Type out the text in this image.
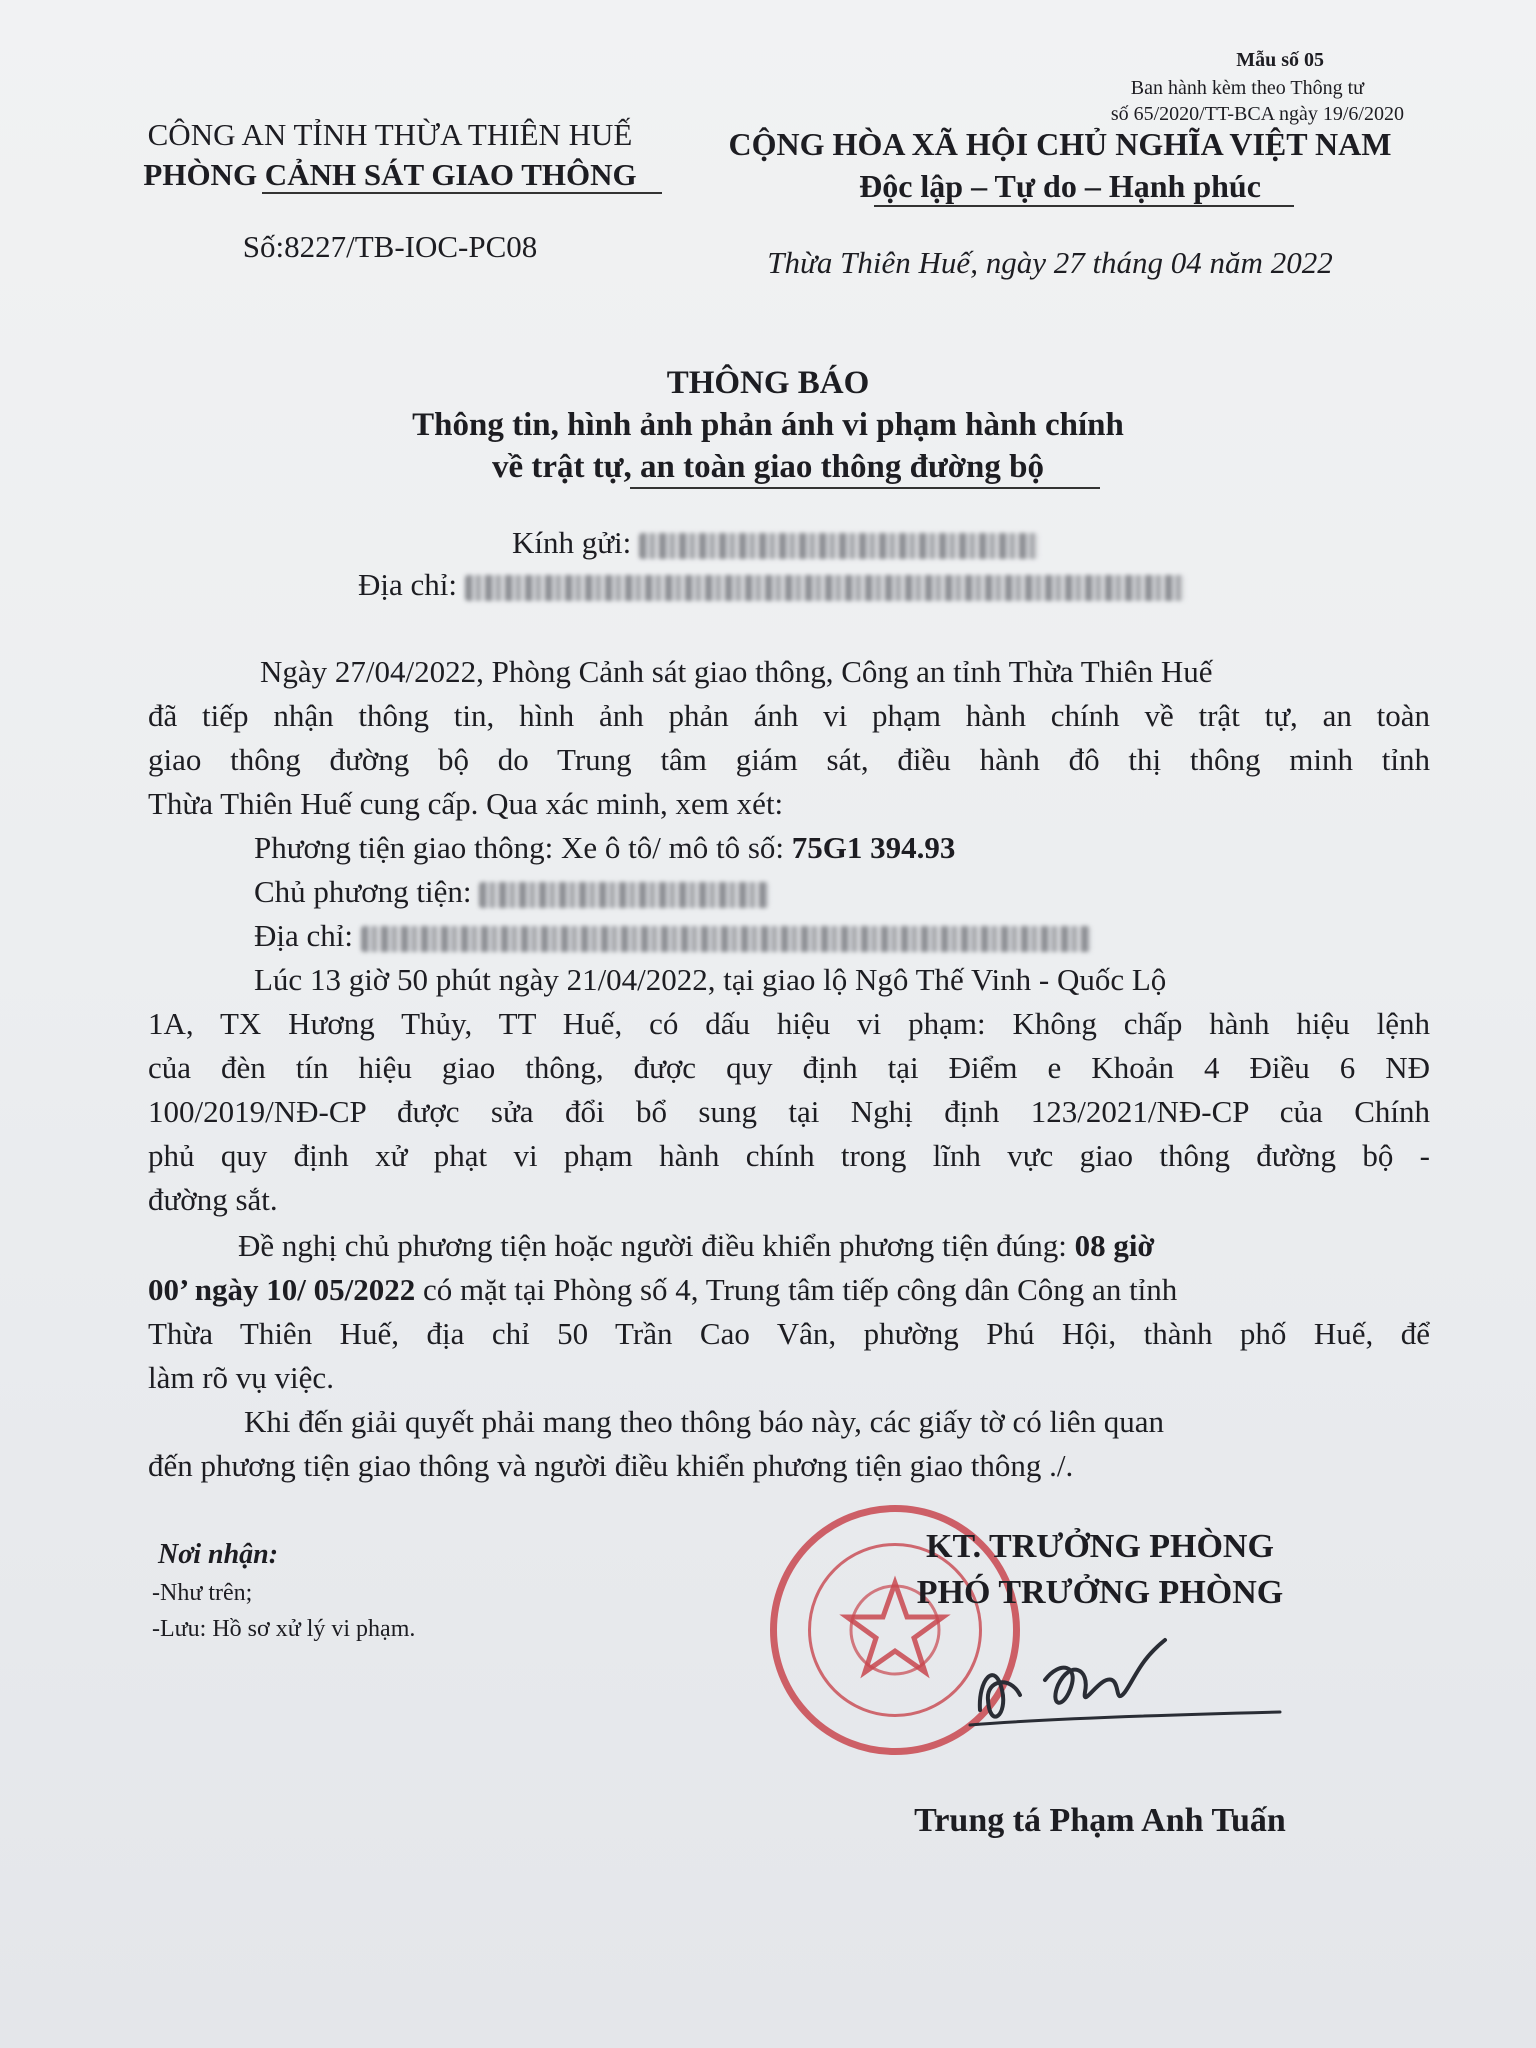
Mẫu số 05
Ban hành kèm theo Thông tư
số 65/2020/TT-BCA ngày 19/6/2020
CÔNG AN TỈNH THỪA THIÊN HUẾ
PHÒNG CẢNH SÁT GIAO THÔNG
Số:8227/TB-IOC-PC08
CỘNG HÒA XÃ HỘI CHỦ NGHĨA VIỆT NAM
Độc lập – Tự do – Hạnh phúc
Thừa Thiên Huế, ngày 27 tháng 04 năm 2022
THÔNG BÁO
Thông tin, hình ảnh phản ánh vi phạm hành chính
về trật tự, an toàn giao thông đường bộ
Kính gửi:
Địa chỉ:
Ngày 27/04/2022, Phòng Cảnh sát giao thông, Công an tỉnh Thừa Thiên Huế
đã tiếp nhận thông tin, hình ảnh phản ánh vi phạm hành chính về trật tự, an toàn
giao thông đường bộ do Trung tâm giám sát, điều hành đô thị thông minh tỉnh
Thừa Thiên Huế cung cấp. Qua xác minh, xem xét:
Phương tiện giao thông: Xe ô tô/ mô tô số: 75G1 394.93
Chủ phương tiện:
Địa chỉ:
Lúc 13 giờ 50 phút ngày 21/04/2022, tại giao lộ Ngô Thế Vinh - Quốc Lộ
1A, TX Hương Thủy, TT Huế, có dấu hiệu vi phạm: Không chấp hành hiệu lệnh
của đèn tín hiệu giao thông, được quy định tại Điểm e Khoản 4 Điều 6 NĐ
100/2019/NĐ-CP được sửa đổi bổ sung tại Nghị định 123/2021/NĐ-CP của Chính
phủ quy định xử phạt vi phạm hành chính trong lĩnh vực giao thông đường bộ -
đường sắt.
Đề nghị chủ phương tiện hoặc người điều khiển phương tiện đúng: 08 giờ
00’ ngày 10/ 05/2022 có mặt tại Phòng số 4, Trung tâm tiếp công dân Công an tỉnh
Thừa Thiên Huế, địa chỉ 50 Trần Cao Vân, phường Phú Hội, thành phố Huế, để
làm rõ vụ việc.
Khi đến giải quyết phải mang theo thông báo này, các giấy tờ có liên quan
đến phương tiện giao thông và người điều khiển phương tiện giao thông ./.
Nơi nhận:
-Như trên;
-Lưu: Hồ sơ xử lý vi phạm.
KT. TRƯỞNG PHÒNG
PHÓ TRƯỞNG PHÒNG
Trung tá Phạm Anh Tuấn
